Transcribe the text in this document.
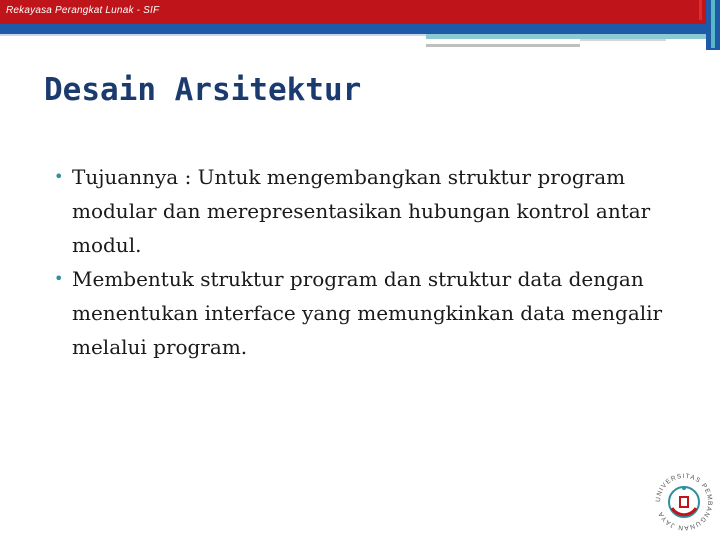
Rekayasa Perangkat Lunak - SIF
Desain Arsitektur
• Tujuannya : Untuk mengembangkan struktur program modular dan merepresentasikan hubungan kontrol antar modul.
• Membentuk struktur program dan struktur data dengan menentukan interface yang memungkinkan data mengalir melalui program.
UNIVERSITAS PEMBANGUNAN JAYA
